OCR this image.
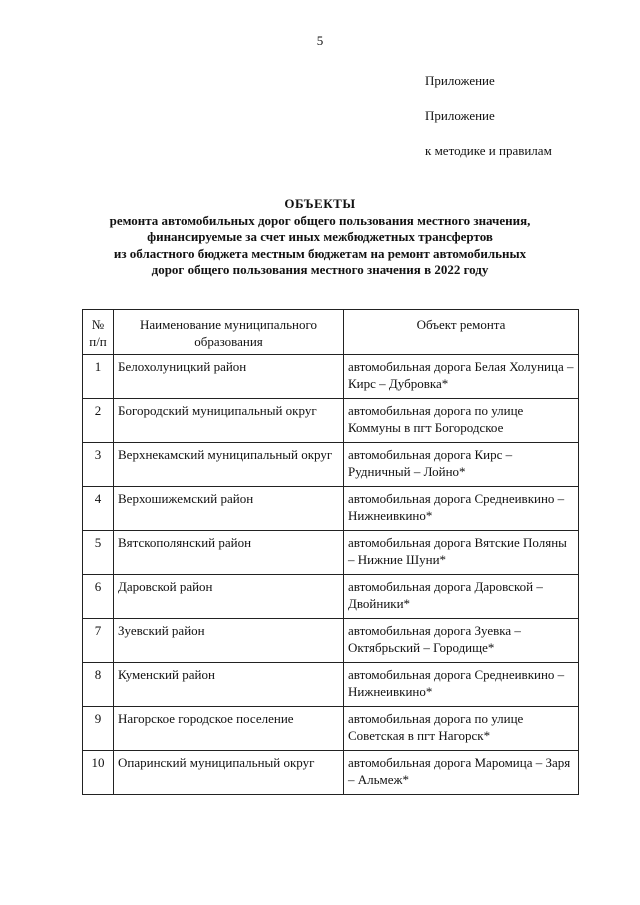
5
Приложение
Приложение
к методике и правилам
ОБЪЕКТЫ
ремонта автомобильных дорог общего пользования местного значения,
финансируемые за счет иных межбюджетных трансфертов
из областного бюджета местным бюджетам на ремонт автомобильных
дорог общего пользования местного значения в 2022 году
№ п/п	Наименование муниципального образования	Объект ремонта
1	Белохолуницкий район	автомобильная дорога Белая Холуница – Кирс – Дубровка*
2	Богородский муниципальный округ	автомобильная дорога по улице Коммуны в пгт Богородское
3	Верхнекамский муниципальный округ	автомобильная дорога Кирс – Рудничный – Лойно*
4	Верхошижемский район	автомобильная дорога Среднеивкино – Нижнеивкино*
5	Вятскополянский район	автомобильная дорога Вятские Поляны – Нижние Шуни*
6	Даровской район	автомобильная дорога Даровской – Двойники*
7	Зуевский район	автомобильная дорога Зуевка – Октябрьский – Городище*
8	Куменский район	автомобильная дорога Среднеивкино – Нижнеивкино*
9	Нагорское городское поселение	автомобильная дорога по улице Советская в пгт Нагорск*
10	Опаринский муниципальный округ	автомобильная дорога Маромица – Заря – Альмеж*
